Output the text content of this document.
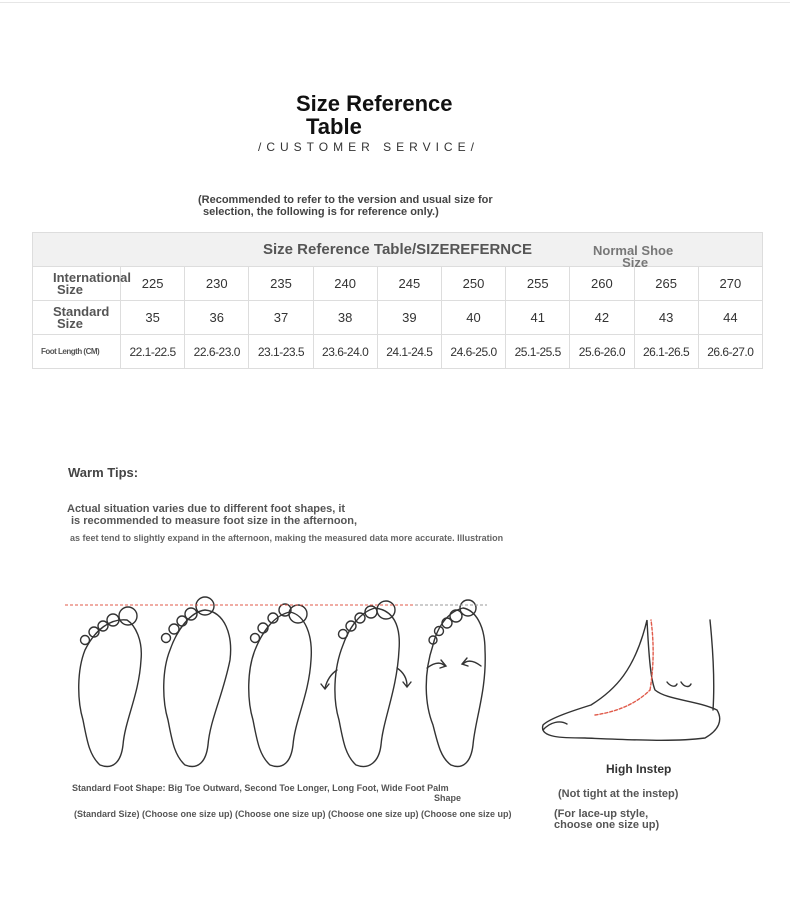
Size Reference
Table
/CUSTOMER SERVICE/
(Recommended to refer to the version and usual size for
selection, the following is for reference only.)
Size Reference Table/SIZEREFERNCE Normal Shoe
Size										

International
Size	225	230	235	240	245	250	255	260	265	270
Standard
Size	35	36	37	38	39	40	41	42	43	44
Foot Length (CM)	22.1-22.5	22.6-23.0	23.1-23.5	23.6-24.0	24.1-24.5	24.6-25.0	25.1-25.5	25.6-26.0	26.1-26.5	26.6-27.0
Warm Tips:
Actual situation varies due to different foot shapes, it
is recommended to measure foot size in the afternoon,
as feet tend to slightly expand in the afternoon, making the measured data more accurate. Illustration
Standard Foot Shape: Big Toe Outward, Second Toe Longer, Long Foot, Wide Foot Palm
Shape
(Standard Size) (Choose one size up) (Choose one size up) (Choose one size up) (Choose one size up)
High Instep
(Not tight at the instep)
(For lace-up style,
choose one size up)
